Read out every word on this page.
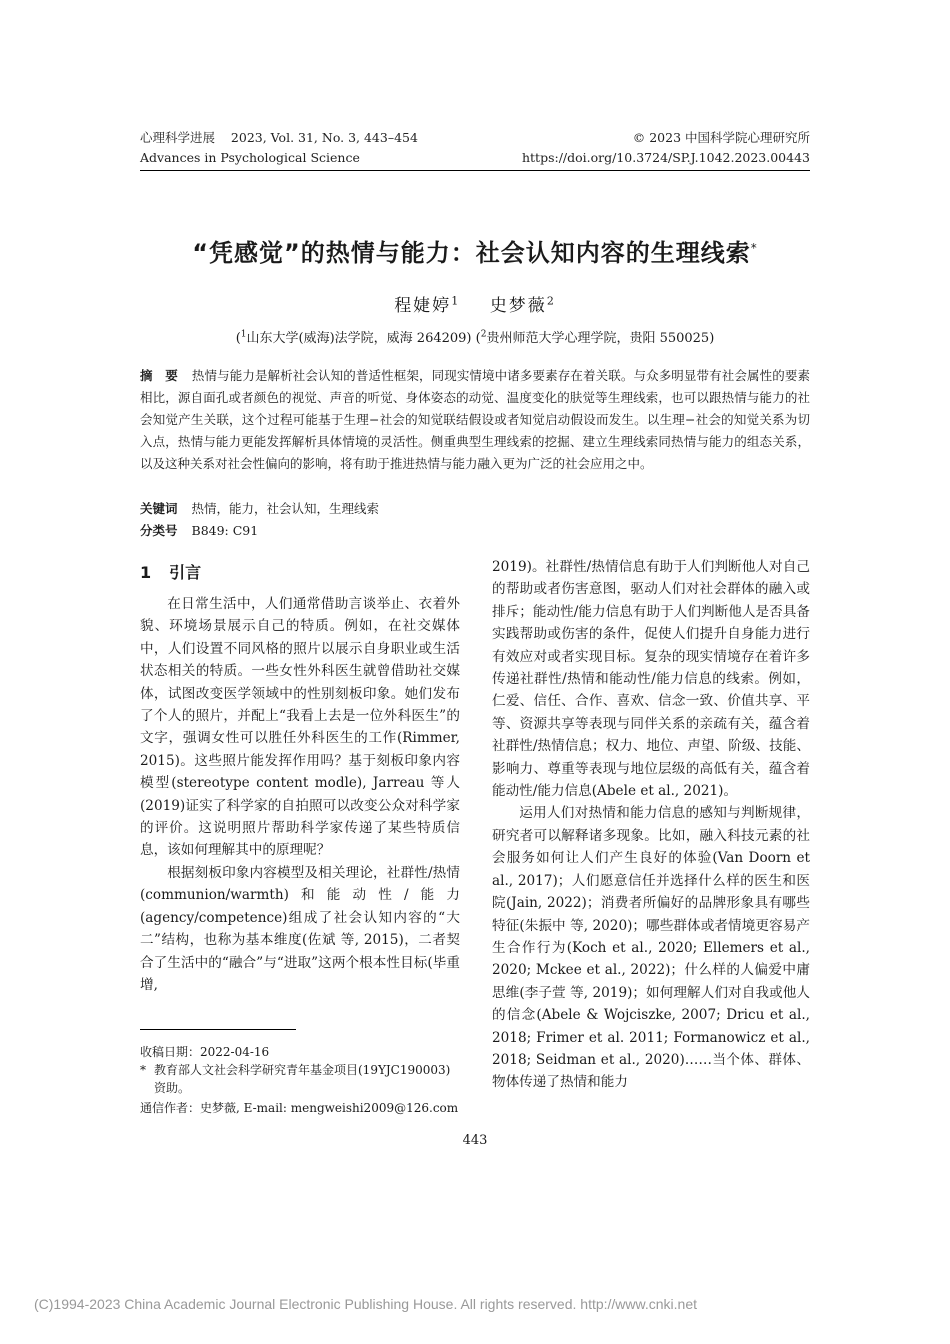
心理科学进展 2023, Vol. 31, No. 3, 443–454
Advances in Psychological Science
© 2023 中国科学院心理研究所
https://doi.org/10.3724/SP.J.1042.2023.00443
“凭感觉”的热情与能力：社会认知内容的生理线索*
程婕婷$^1$ 史梦薇$^2$
($^1$山东大学(威海)法学院，威海 264209) ($^2$贵州师范大学心理学院，贵阳 550025)
摘　要 热情与能力是解析社会认知的普适性框架，同现实情境中诸多要素存在着关联。与众多明显带有社会属性的要素相比，源自面孔或者颜色的视觉、声音的听觉、身体姿态的动觉、温度变化的肤觉等生理线索，也可以跟热情与能力的社会知觉产生关联，这个过程可能基于生理−社会的知觉联结假设或者知觉启动假设而发生。以生理−社会的知觉关系为切入点，热情与能力更能发挥解析具体情境的灵活性。侧重典型生理线索的挖掘、建立生理线索同热情与能力的组态关系，以及这种关系对社会性偏向的影响，将有助于推进热情与能力融入更为广泛的社会应用之中。
关键词 热情，能力，社会认知，生理线索
分类号 B849: C91
1 引言

在日常生活中，人们通常借助言谈举止、衣着外貌、环境场景展示自己的特质。例如，在社交媒体中，人们设置不同风格的照片以展示自身职业或生活状态相关的特质。一些女性外科医生就曾借助社交媒体，试图改变医学领域中的性别刻板印象。她们发布了个人的照片，并配上“我看上去是一位外科医生”的文字，强调女性可以胜任外科医生的工作(Rimmer, 2015)。这些照片能发挥作用吗？基于刻板印象内容模型(stereotype content modle), Jarreau 等人(2019)证实了科学家的自拍照可以改变公众对科学家的评价。这说明照片帮助科学家传递了某些特质信息，该如何理解其中的原理呢？

根据刻板印象内容模型及相关理论，社群性/热情(communion/warmth)和能动性/能力(agency/competence)组成了社会认知内容的“大二”结构，也称为基本维度(佐斌 等, 2015)，二者契合了生活中的“融合”与“进取”这两个根本性目标(毕重增,

2019)。社群性/热情信息有助于人们判断他人对自己的帮助或者伤害意图，驱动人们对社会群体的融入或排斥；能动性/能力信息有助于人们判断他人是否具备实践帮助或伤害的条件，促使人们提升自身能力进行有效应对或者实现目标。复杂的现实情境存在着许多传递社群性/热情和能动性/能力信息的线索。例如，仁爱、信任、合作、喜欢、信念一致、价值共享、平等、资源共享等表现与同伴关系的亲疏有关，蕴含着社群性/热情信息；权力、地位、声望、阶级、技能、影响力、尊重等表现与地位层级的高低有关，蕴含着能动性/能力信息(Abele et al., 2021)。

运用人们对热情和能力信息的感知与判断规律，研究者可以解释诸多现象。比如，融入科技元素的社会服务如何让人们产生良好的体验(Van Doorn et al., 2017)；人们愿意信任并选择什么样的医生和医院(Jain, 2022)；消费者所偏好的品牌形象具有哪些特征(朱振中 等, 2020)；哪些群体或者情境更容易产生合作行为(Koch et al., 2020; Ellemers et al., 2020; Mckee et al., 2022)；什么样的人偏爱中庸思维(李子萱 等, 2019)；如何理解人们对自我或他人的信念(Abele & Wojciszke, 2007; Dricu et al., 2018; Frimer et al. 2011; Formanowicz et al., 2018; Seidman et al., 2020)……当个体、群体、物体传递了热情和能力

收稿日期：2022-04-16
* 教育部人文社会科学研究青年基金项目(19YJC190003)资助。
通信作者：史梦薇, E-mail: mengweishi2009@126.com
443
(C)1994-2023 China Academic Journal Electronic Publishing House. All rights reserved. http://www.cnki.net
